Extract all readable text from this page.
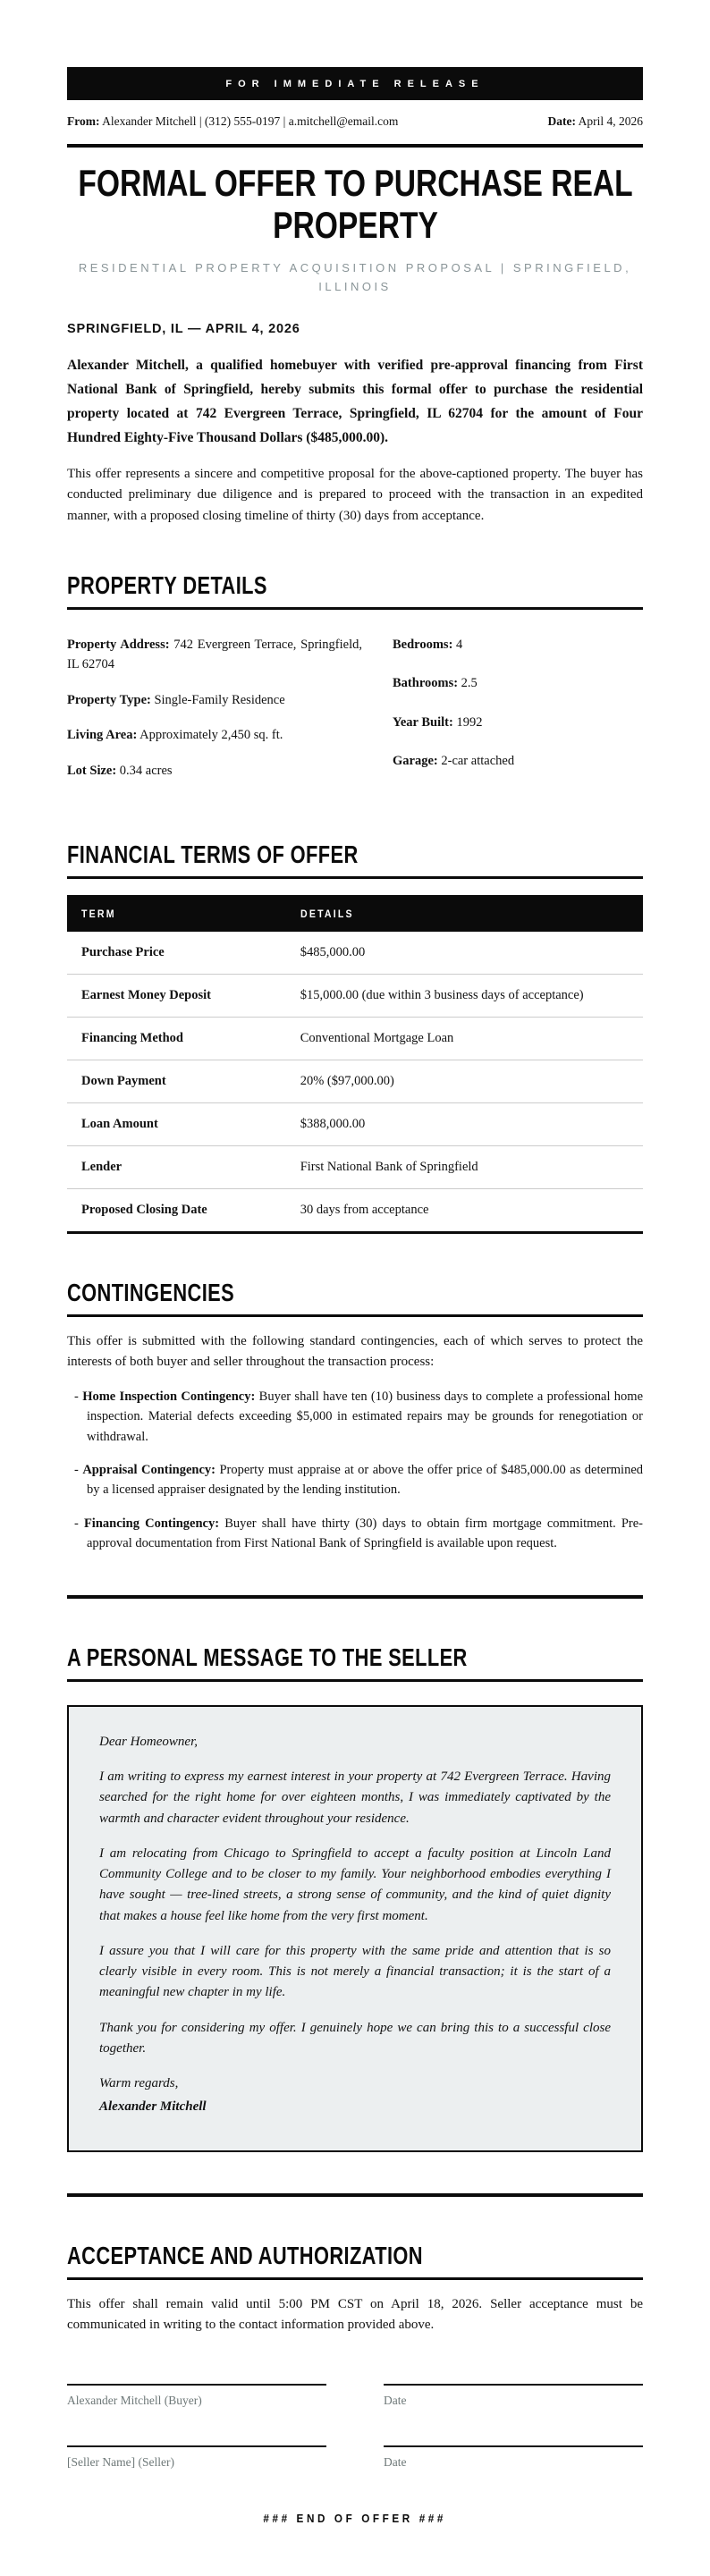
FOR IMMEDIATE RELEASE
From: Alexander Mitchell | (312) 555-0197 | a.mitchell@email.com	Date: April 4, 2026
FORMAL OFFER TO PURCHASE REAL PROPERTY
RESIDENTIAL PROPERTY ACQUISITION PROPOSAL | SPRINGFIELD, ILLINOIS
SPRINGFIELD, IL — APRIL 4, 2026

Alexander Mitchell, a qualified homebuyer with verified pre-approval financing from First National Bank of Springfield, hereby submits this formal offer to purchase the residential property located at 742 Evergreen Terrace, Springfield, IL 62704 for the amount of Four Hundred Eighty-Five Thousand Dollars ($485,000.00).

This offer represents a sincere and competitive proposal for the above-captioned property. The buyer has conducted preliminary due diligence and is prepared to proceed with the transaction in an expedited manner, with a proposed closing timeline of thirty (30) days from acceptance.

PROPERTY DETAILS
Property Address: 742 Evergreen Terrace, Springfield, IL 62704
Property Type: Single-Family Residence
Living Area: Approximately 2,450 sq. ft.
Lot Size: 0.34 acres
Bedrooms: 4
Bathrooms: 2.5
Year Built: 1992
Garage: 2-car attached
FINANCIAL TERMS OF OFFER
TERM	DETAILS
Purchase Price	$485,000.00
Earnest Money Deposit	$15,000.00 (due within 3 business days of acceptance)
Financing Method	Conventional Mortgage Loan
Down Payment	20% ($97,000.00)
Loan Amount	$388,000.00
Lender	First National Bank of Springfield
Proposed Closing Date	30 days from acceptance
CONTINGENCIES

This offer is submitted with the following standard contingencies, each of which serves to protect the interests of both buyer and seller throughout the transaction process:

- Home Inspection Contingency: Buyer shall have ten (10) business days to complete a professional home inspection. Material defects exceeding $5,000 in estimated repairs may be grounds for renegotiation or withdrawal.
- Appraisal Contingency: Property must appraise at or above the offer price of $485,000.00 as determined by a licensed appraiser designated by the lending institution.
- Financing Contingency: Buyer shall have thirty (30) days to obtain firm mortgage commitment. Pre-approval documentation from First National Bank of Springfield is available upon request.
A PERSONAL MESSAGE TO THE SELLER

Dear Homeowner,

I am writing to express my earnest interest in your property at 742 Evergreen Terrace. Having searched for the right home for over eighteen months, I was immediately captivated by the warmth and character evident throughout your residence.

I am relocating from Chicago to Springfield to accept a faculty position at Lincoln Land Community College and to be closer to my family. Your neighborhood embodies everything I have sought — tree-lined streets, a strong sense of community, and the kind of quiet dignity that makes a house feel like home from the very first moment.

I assure you that I will care for this property with the same pride and attention that is so clearly visible in every room. This is not merely a financial transaction; it is the start of a meaningful new chapter in my life.

Thank you for considering my offer. I genuinely hope we can bring this to a successful close together.

Warm regards,

Alexander Mitchell

ACCEPTANCE AND AUTHORIZATION

This offer shall remain valid until 5:00 PM CST on April 18, 2026. Seller acceptance must be communicated in writing to the contact information provided above.

Alexander Mitchell (Buyer)	Date
[Seller Name] (Seller)	Date
### END OF OFFER ###
